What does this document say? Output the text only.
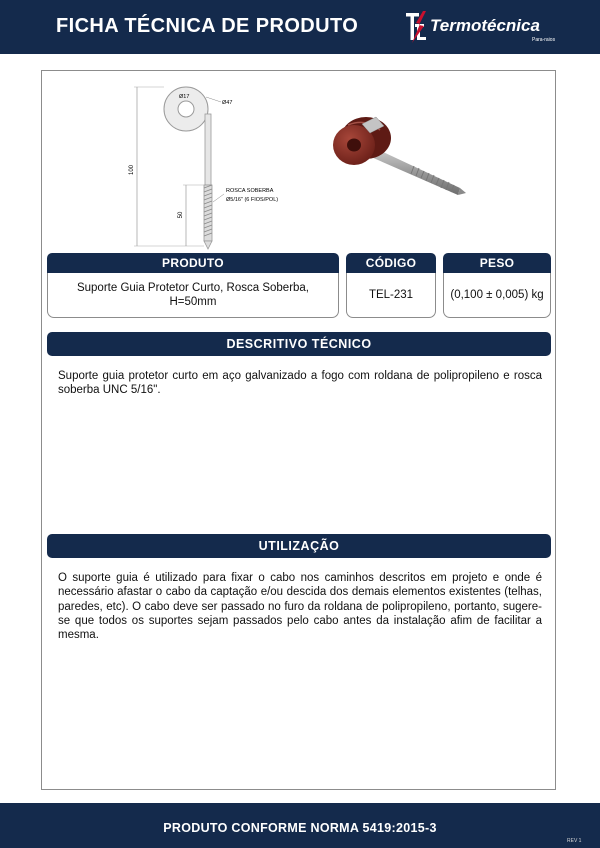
FICHA TÉCNICA DE PRODUTO	Termotécnica
Para-raios
100
50
Ø17
Ø47
ROSCA SOBERBA
Ø5/16" (6 FIOS/POL)
PRODUTO
Suporte Guia Protetor Curto, Rosca Soberba, H=50mm
CÓDIGO
TEL-231
PESO
(0,100 ± 0,005) kg
DESCRITIVO TÉCNICO
Suporte guia protetor curto em aço galvanizado a fogo com roldana de polipropileno e rosca soberba UNC 5/16".
UTILIZAÇÃO
O suporte guia é utilizado para fixar o cabo nos caminhos descritos em projeto e onde é necessário afastar o cabo da captação e/ou descida dos demais elementos existentes (telhas, paredes, etc). O cabo deve ser passado no furo da roldana de polipropileno, portanto, sugere-se que todos os suportes sejam passados pelo cabo antes da instalação afim de facilitar a mesma.
PRODUTO CONFORME NORMA 5419:2015-3
REV 1
